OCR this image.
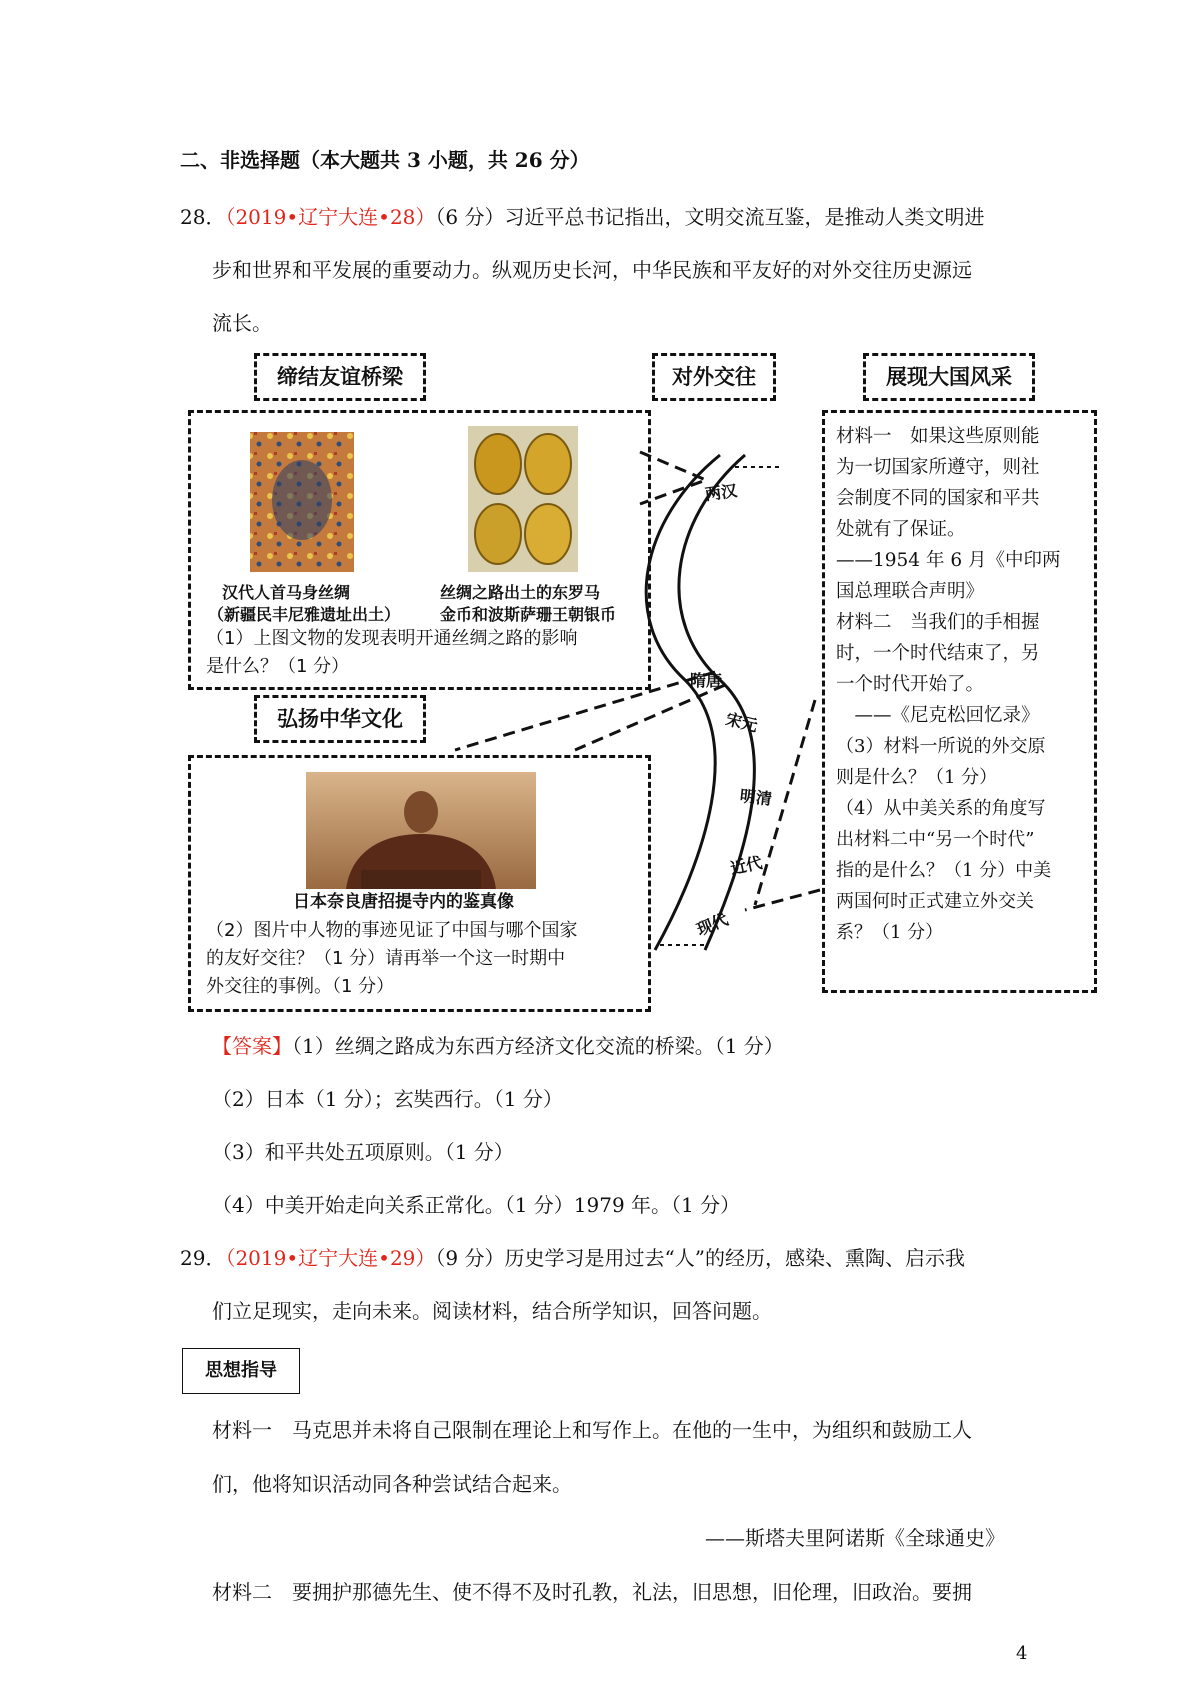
二、非选择题（本大题共 3 小题，共 26 分）
28．（2019•辽宁大连•28）（6 分）习近平总书记指出，文明交流互鉴，是推动人类文明进
步和世界和平发展的重要动力。纵观历史长河，中华民族和平友好的对外交往历史源远
流长。
缔结友谊桥梁	对外交往	展现大国风采
弘扬中华文化
汉代人首马身丝绸
（新疆民丰尼雅遗址出土）
丝绸之路出土的东罗马
金币和波斯萨珊王朝银币
（1）上图文物的发现表明开通丝绸之路的影响
是什么？（1 分）
日本奈良唐招提寺内的鉴真像
（2）图片中人物的事迹见证了中国与哪个国家
的友好交往？（1 分）请再举一个这一时期中
外交往的事例。（1 分）
两汉
隋唐
宋元
明清
近代
现代
材料一　如果这些原则能
为一切国家所遵守，则社
会制度不同的国家和平共
处就有了保证。
——1954 年 6 月《中印两
国总理联合声明》
材料二　当我们的手相握
时，一个时代结束了，另
一个时代开始了。
　——《尼克松回忆录》
（3）材料一所说的外交原
则是什么？（1 分）
（4）从中美关系的角度写
出材料二中“另一个时代”
指的是什么？（1 分）中美
两国何时正式建立外交关
系？（1 分）
【答案】（1）丝绸之路成为东西方经济文化交流的桥梁。（1 分）
（2）日本（1 分）；玄奘西行。（1 分）
（3）和平共处五项原则。（1 分）
（4）中美开始走向关系正常化。（1 分）1979 年。（1 分）
29．（2019•辽宁大连•29）（9 分）历史学习是用过去“人”的经历，感染、熏陶、启示我
们立足现实，走向未来。阅读材料，结合所学知识，回答问题。
思想指导
材料一　马克思并未将自己限制在理论上和写作上。在他的一生中，为组织和鼓励工人
们，他将知识活动同各种尝试结合起来。
——斯塔夫里阿诺斯《全球通史》
材料二　要拥护那德先生、使不得不及时孔教，礼法，旧思想，旧伦理，旧政治。要拥
4
